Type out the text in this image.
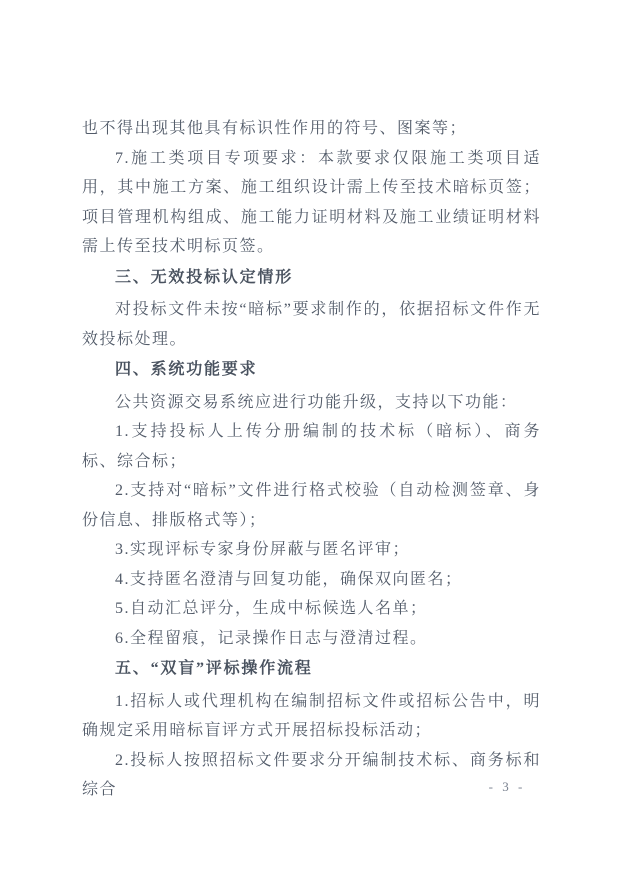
也不得出现其他具有标识性作用的符号、图案等；

7.施工类项目专项要求：本款要求仅限施工类项目适用，其中施工方案、施工组织设计需上传至技术暗标页签；项目管理机构组成、施工能力证明材料及施工业绩证明材料需上传至技术明标页签。

三、无效投标认定情形

对投标文件未按“暗标”要求制作的，依据招标文件作无效投标处理。

四、系统功能要求

公共资源交易系统应进行功能升级，支持以下功能：

1.支持投标人上传分册编制的技术标（暗标）、商务标、综合标；

2.支持对“暗标”文件进行格式校验（自动检测签章、身份信息、排版格式等）；

3.实现评标专家身份屏蔽与匿名评审；

4.支持匿名澄清与回复功能，确保双向匿名；

5.自动汇总评分，生成中标候选人名单；

6.全程留痕，记录操作日志与澄清过程。

五、“双盲”评标操作流程

1.招标人或代理机构在编制招标文件或招标公告中，明确规定采用暗标盲评方式开展招标投标活动；

2.投标人按照招标文件要求分开编制技术标、商务标和综合	- 3 -
